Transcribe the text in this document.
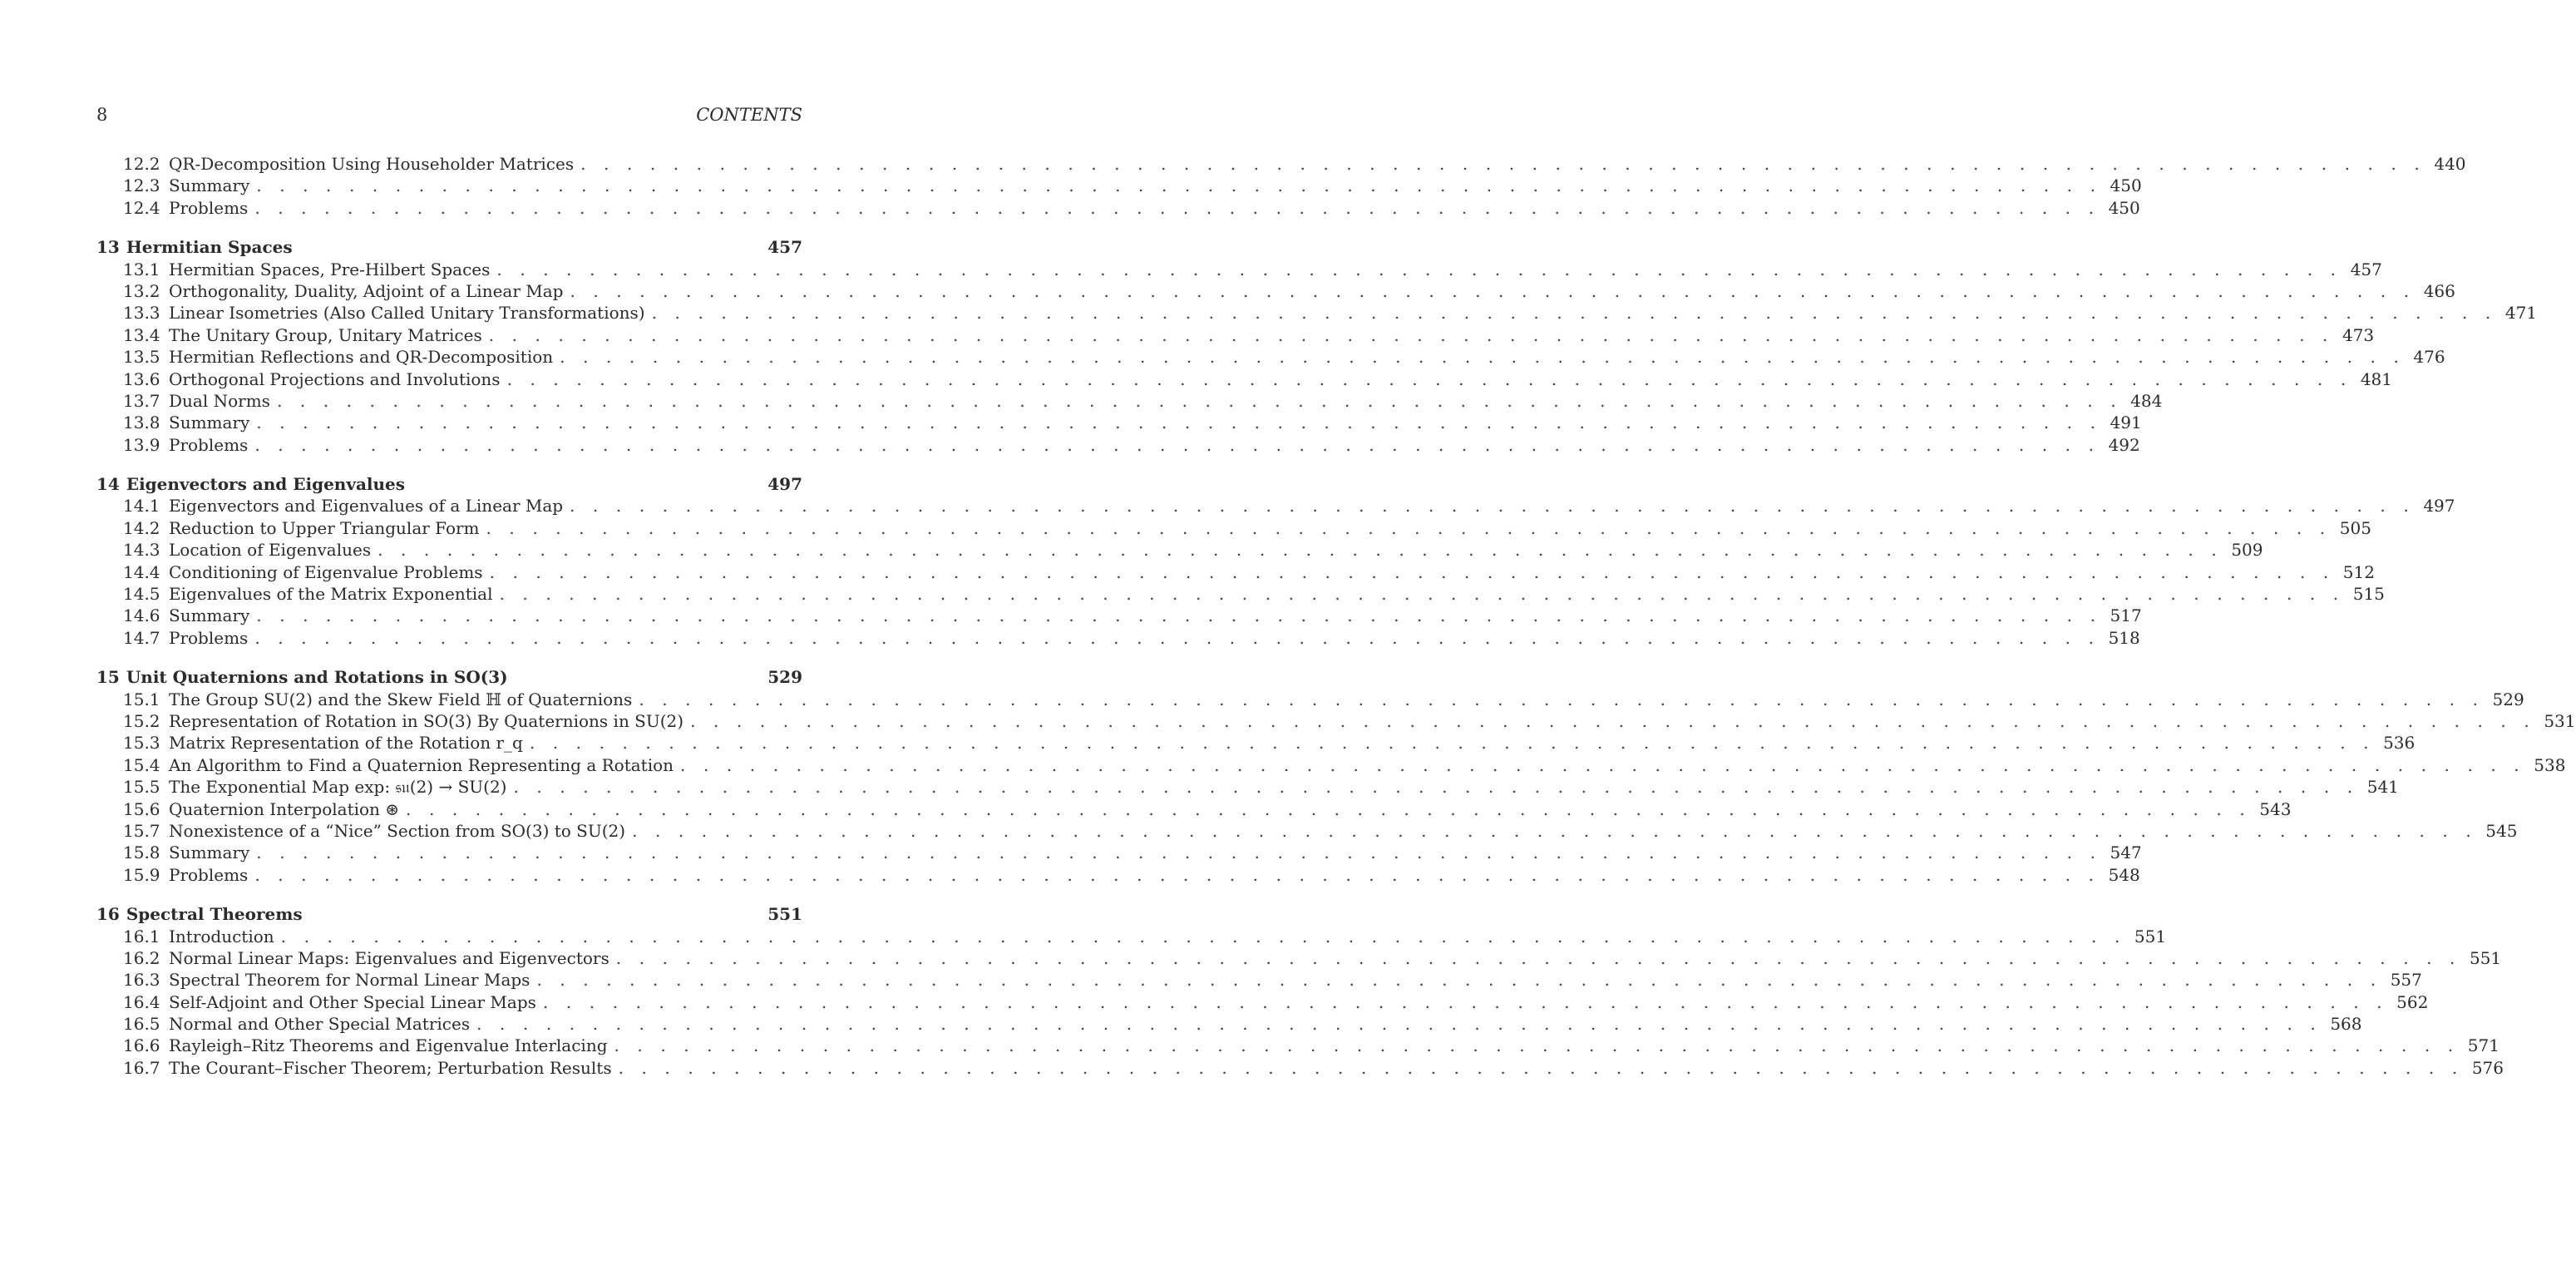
8	CONTENTS
12.2 QR-Decomposition Using Householder Matrices . . . . . . . . . . . . . . . . . . . . . . . . . . . . . . . . . . . . . . . . . . . . . . . . . . . . . . . . . . . . . . . . . . . . . . . . . . . . . . . . 440
12.3 Summary . . . . . . . . . . . . . . . . . . . . . . . . . . . . . . . . . . . . . . . . . . . . . . . . . . . . . . . . . . . . . . . . . . . . . . . . . . . . . . . . 450
12.4 Problems . . . . . . . . . . . . . . . . . . . . . . . . . . . . . . . . . . . . . . . . . . . . . . . . . . . . . . . . . . . . . . . . . . . . . . . . . . . . . . . . 450
13 Hermitian Spaces	457
13.1 Hermitian Spaces, Pre-Hilbert Spaces . . . . . . . . . . . . . . . . . . . . . . . . . . . . . . . . . . . . . . . . . . . . . . . . . . . . . . . . . . . . . . . . . . . . . . . . . . . . . . . . 457
13.2 Orthogonality, Duality, Adjoint of a Linear Map . . . . . . . . . . . . . . . . . . . . . . . . . . . . . . . . . . . . . . . . . . . . . . . . . . . . . . . . . . . . . . . . . . . . . . . . . . . . . . . . 466
13.3 Linear Isometries (Also Called Unitary Transformations) . . . . . . . . . . . . . . . . . . . . . . . . . . . . . . . . . . . . . . . . . . . . . . . . . . . . . . . . . . . . . . . . . . . . . . . . . . . . . . . . 471
13.4 The Unitary Group, Unitary Matrices . . . . . . . . . . . . . . . . . . . . . . . . . . . . . . . . . . . . . . . . . . . . . . . . . . . . . . . . . . . . . . . . . . . . . . . . . . . . . . . . 473
13.5 Hermitian Reflections and QR-Decomposition . . . . . . . . . . . . . . . . . . . . . . . . . . . . . . . . . . . . . . . . . . . . . . . . . . . . . . . . . . . . . . . . . . . . . . . . . . . . . . . . 476
13.6 Orthogonal Projections and Involutions . . . . . . . . . . . . . . . . . . . . . . . . . . . . . . . . . . . . . . . . . . . . . . . . . . . . . . . . . . . . . . . . . . . . . . . . . . . . . . . . 481
13.7 Dual Norms . . . . . . . . . . . . . . . . . . . . . . . . . . . . . . . . . . . . . . . . . . . . . . . . . . . . . . . . . . . . . . . . . . . . . . . . . . . . . . . . 484
13.8 Summary . . . . . . . . . . . . . . . . . . . . . . . . . . . . . . . . . . . . . . . . . . . . . . . . . . . . . . . . . . . . . . . . . . . . . . . . . . . . . . . . 491
13.9 Problems . . . . . . . . . . . . . . . . . . . . . . . . . . . . . . . . . . . . . . . . . . . . . . . . . . . . . . . . . . . . . . . . . . . . . . . . . . . . . . . . 492
14 Eigenvectors and Eigenvalues	497
14.1 Eigenvectors and Eigenvalues of a Linear Map . . . . . . . . . . . . . . . . . . . . . . . . . . . . . . . . . . . . . . . . . . . . . . . . . . . . . . . . . . . . . . . . . . . . . . . . . . . . . . . . 497
14.2 Reduction to Upper Triangular Form . . . . . . . . . . . . . . . . . . . . . . . . . . . . . . . . . . . . . . . . . . . . . . . . . . . . . . . . . . . . . . . . . . . . . . . . . . . . . . . . 505
14.3 Location of Eigenvalues . . . . . . . . . . . . . . . . . . . . . . . . . . . . . . . . . . . . . . . . . . . . . . . . . . . . . . . . . . . . . . . . . . . . . . . . . . . . . . . . 509
14.4 Conditioning of Eigenvalue Problems . . . . . . . . . . . . . . . . . . . . . . . . . . . . . . . . . . . . . . . . . . . . . . . . . . . . . . . . . . . . . . . . . . . . . . . . . . . . . . . . 512
14.5 Eigenvalues of the Matrix Exponential . . . . . . . . . . . . . . . . . . . . . . . . . . . . . . . . . . . . . . . . . . . . . . . . . . . . . . . . . . . . . . . . . . . . . . . . . . . . . . . . 515
14.6 Summary . . . . . . . . . . . . . . . . . . . . . . . . . . . . . . . . . . . . . . . . . . . . . . . . . . . . . . . . . . . . . . . . . . . . . . . . . . . . . . . . 517
14.7 Problems . . . . . . . . . . . . . . . . . . . . . . . . . . . . . . . . . . . . . . . . . . . . . . . . . . . . . . . . . . . . . . . . . . . . . . . . . . . . . . . . 518
15 Unit Quaternions and Rotations in SO(3)	529
15.1 The Group SU(2) and the Skew Field ℍ of Quaternions . . . . . . . . . . . . . . . . . . . . . . . . . . . . . . . . . . . . . . . . . . . . . . . . . . . . . . . . . . . . . . . . . . . . . . . . . . . . . . . . 529
15.2 Representation of Rotation in SO(3) By Quaternions in SU(2) . . . . . . . . . . . . . . . . . . . . . . . . . . . . . . . . . . . . . . . . . . . . . . . . . . . . . . . . . . . . . . . . . . . . . . . . . . . . . . . . 531
15.3 Matrix Representation of the Rotation r_q . . . . . . . . . . . . . . . . . . . . . . . . . . . . . . . . . . . . . . . . . . . . . . . . . . . . . . . . . . . . . . . . . . . . . . . . . . . . . . . . 536
15.4 An Algorithm to Find a Quaternion Representing a Rotation . . . . . . . . . . . . . . . . . . . . . . . . . . . . . . . . . . . . . . . . . . . . . . . . . . . . . . . . . . . . . . . . . . . . . . . . . . . . . . . . 538
15.5 The Exponential Map exp: 𝔰𝔲(2) → SU(2) . . . . . . . . . . . . . . . . . . . . . . . . . . . . . . . . . . . . . . . . . . . . . . . . . . . . . . . . . . . . . . . . . . . . . . . . . . . . . . . . 541
15.6 Quaternion Interpolation ⊛ . . . . . . . . . . . . . . . . . . . . . . . . . . . . . . . . . . . . . . . . . . . . . . . . . . . . . . . . . . . . . . . . . . . . . . . . . . . . . . . . 543
15.7 Nonexistence of a “Nice” Section from SO(3) to SU(2) . . . . . . . . . . . . . . . . . . . . . . . . . . . . . . . . . . . . . . . . . . . . . . . . . . . . . . . . . . . . . . . . . . . . . . . . . . . . . . . . 545
15.8 Summary . . . . . . . . . . . . . . . . . . . . . . . . . . . . . . . . . . . . . . . . . . . . . . . . . . . . . . . . . . . . . . . . . . . . . . . . . . . . . . . . 547
15.9 Problems . . . . . . . . . . . . . . . . . . . . . . . . . . . . . . . . . . . . . . . . . . . . . . . . . . . . . . . . . . . . . . . . . . . . . . . . . . . . . . . . 548
16 Spectral Theorems	551
16.1 Introduction . . . . . . . . . . . . . . . . . . . . . . . . . . . . . . . . . . . . . . . . . . . . . . . . . . . . . . . . . . . . . . . . . . . . . . . . . . . . . . . . 551
16.2 Normal Linear Maps: Eigenvalues and Eigenvectors . . . . . . . . . . . . . . . . . . . . . . . . . . . . . . . . . . . . . . . . . . . . . . . . . . . . . . . . . . . . . . . . . . . . . . . . . . . . . . . . 551
16.3 Spectral Theorem for Normal Linear Maps . . . . . . . . . . . . . . . . . . . . . . . . . . . . . . . . . . . . . . . . . . . . . . . . . . . . . . . . . . . . . . . . . . . . . . . . . . . . . . . . 557
16.4 Self-Adjoint and Other Special Linear Maps . . . . . . . . . . . . . . . . . . . . . . . . . . . . . . . . . . . . . . . . . . . . . . . . . . . . . . . . . . . . . . . . . . . . . . . . . . . . . . . . 562
16.5 Normal and Other Special Matrices . . . . . . . . . . . . . . . . . . . . . . . . . . . . . . . . . . . . . . . . . . . . . . . . . . . . . . . . . . . . . . . . . . . . . . . . . . . . . . . . 568
16.6 Rayleigh–Ritz Theorems and Eigenvalue Interlacing . . . . . . . . . . . . . . . . . . . . . . . . . . . . . . . . . . . . . . . . . . . . . . . . . . . . . . . . . . . . . . . . . . . . . . . . . . . . . . . . 571
16.7 The Courant–Fischer Theorem; Perturbation Results . . . . . . . . . . . . . . . . . . . . . . . . . . . . . . . . . . . . . . . . . . . . . . . . . . . . . . . . . . . . . . . . . . . . . . . . . . . . . . . . 576
